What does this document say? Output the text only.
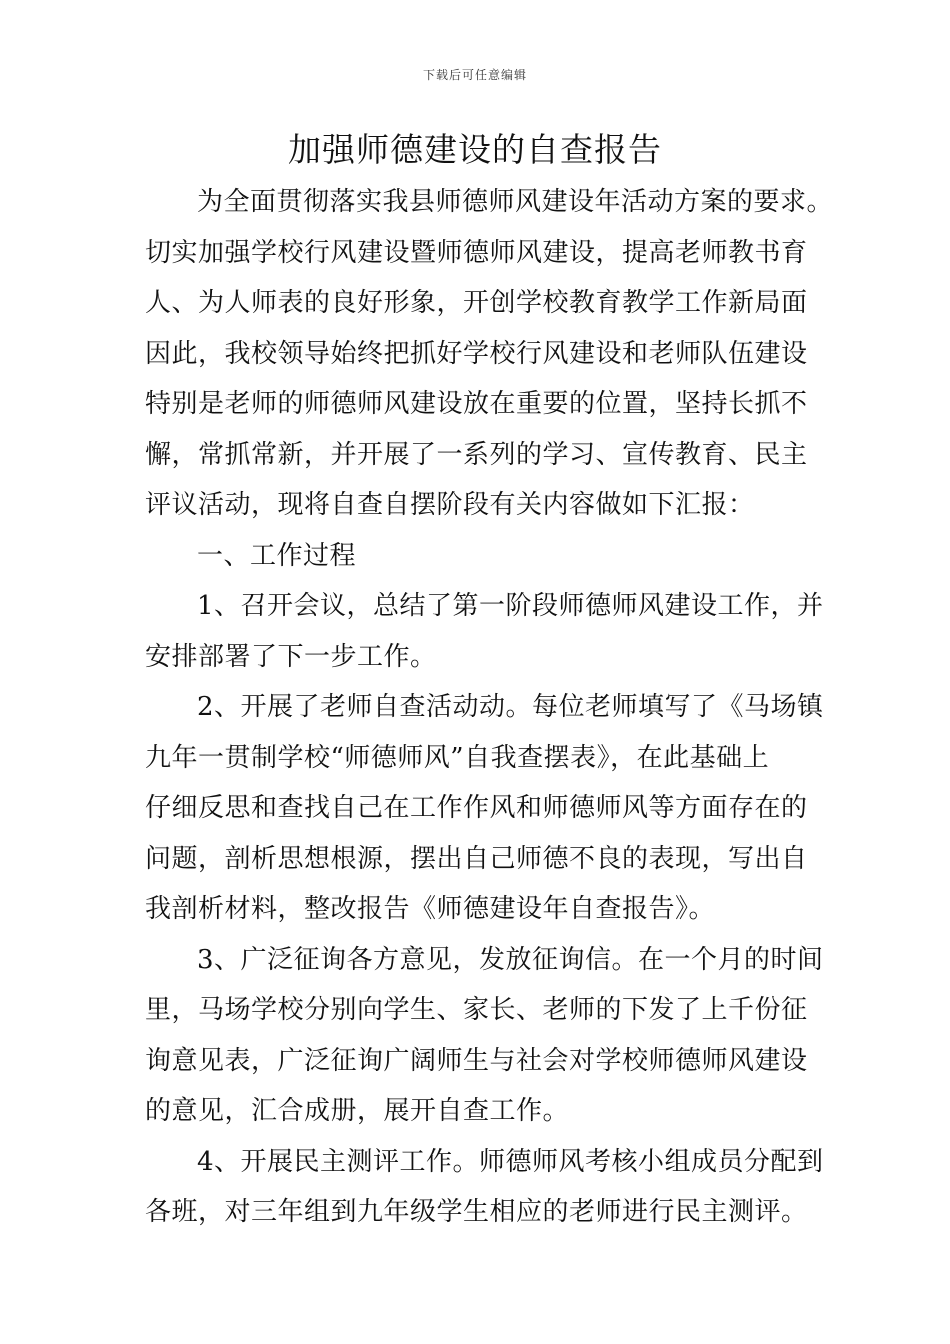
下载后可任意编辑
加强师德建设的自查报告
为全面贯彻落实我县师德师风建设年活动方案的要求。
切实加强学校行风建设暨师德师风建设，提高老师教书育
人、为人师表的良好形象，开创学校教育教学工作新局面
因此，我校领导始终把抓好学校行风建设和老师队伍建设
特别是老师的师德师风建设放在重要的位置，坚持长抓不
懈，常抓常新，并开展了一系列的学习、宣传教育、民主
评议活动，现将自查自摆阶段有关内容做如下汇报：
一、工作过程
1、召开会议，总结了第一阶段师德师风建设工作，并
安排部署了下一步工作。
2、开展了老师自查活动动。每位老师填写了《马场镇
九年一贯制学校“师德师风”自我查摆表》，在此基础上
仔细反思和查找自己在工作作风和师德师风等方面存在的
问题，剖析思想根源，摆出自己师德不良的表现，写出自
我剖析材料，整改报告《师德建设年自查报告》。
3、广泛征询各方意见，发放征询信。在一个月的时间
里，马场学校分别向学生、家长、老师的下发了上千份征
询意见表，广泛征询广阔师生与社会对学校师德师风建设
的意见，汇合成册，展开自查工作。
4、开展民主测评工作。师德师风考核小组成员分配到
各班，对三年组到九年级学生相应的老师进行民主测评。
